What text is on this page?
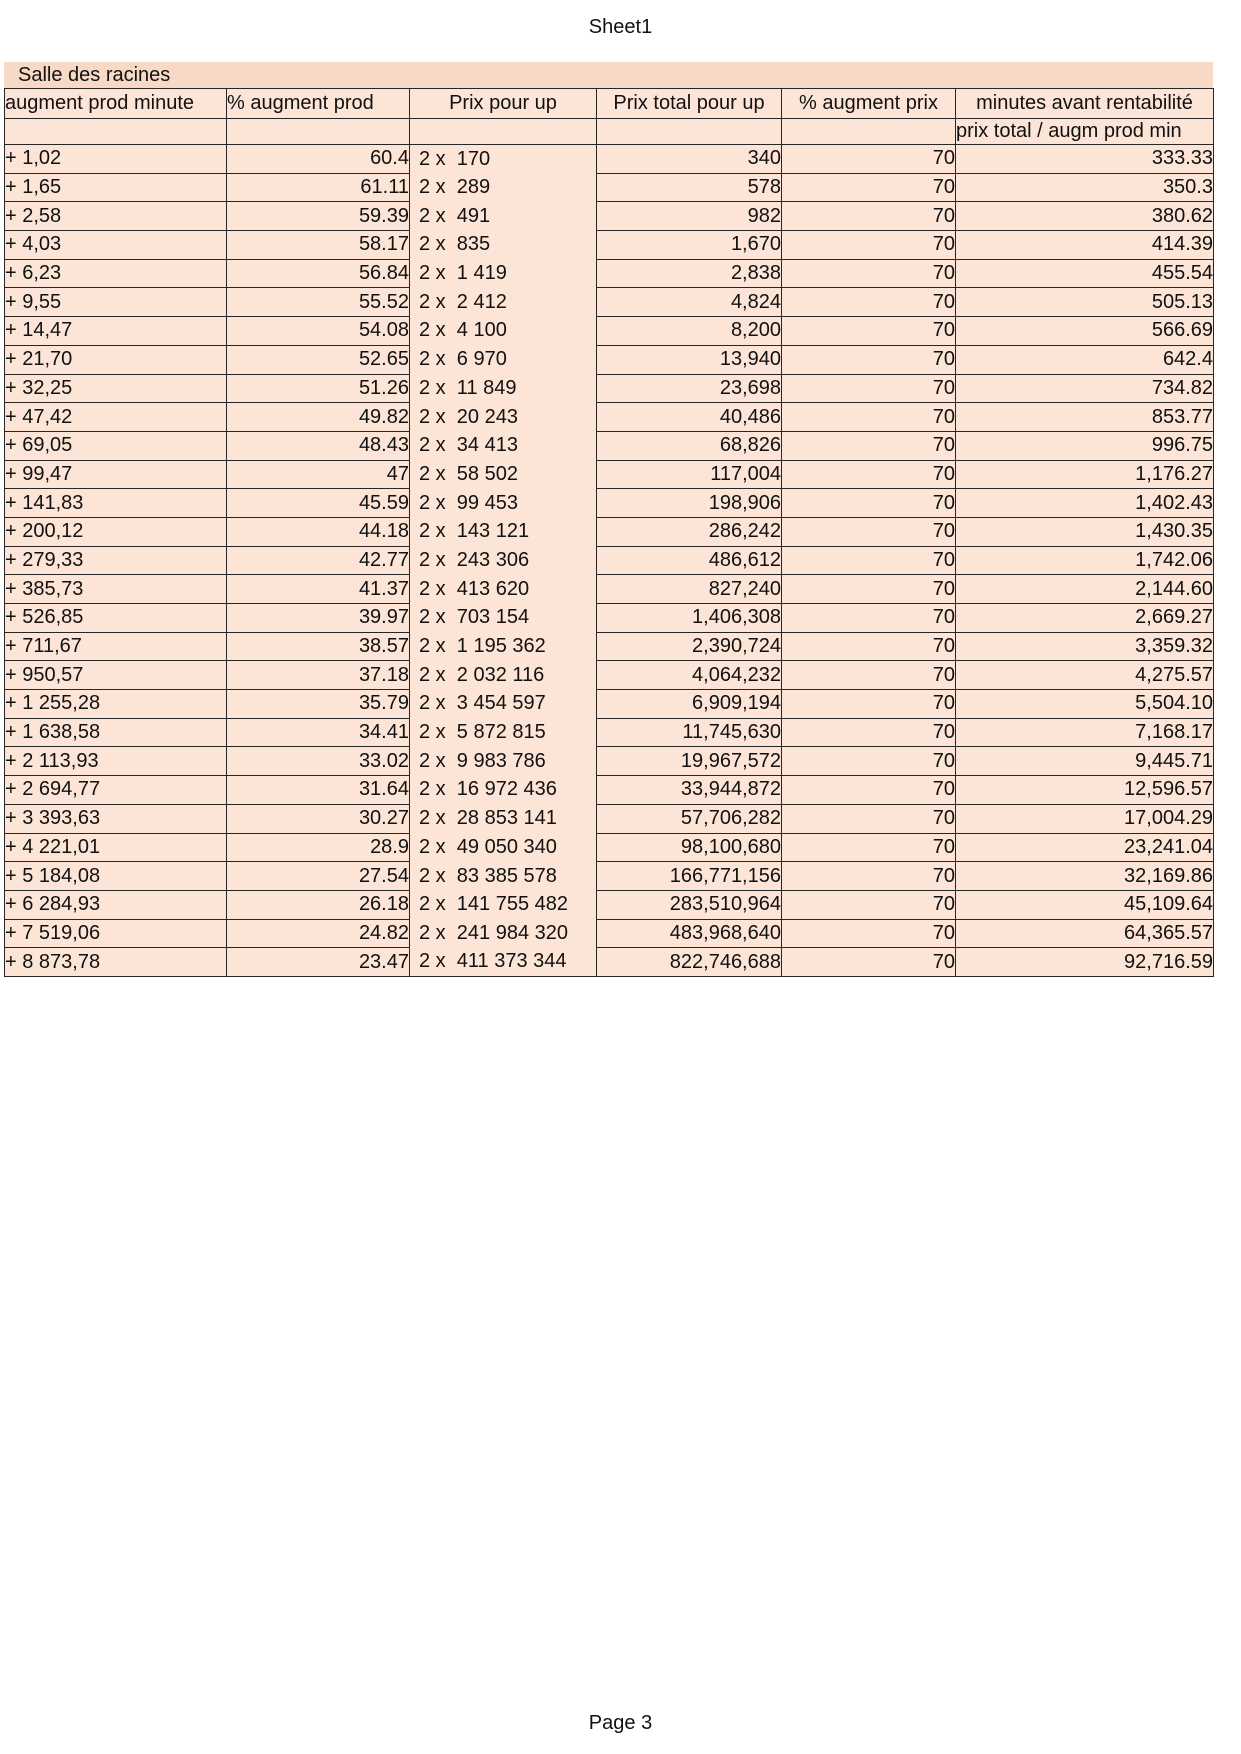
Sheet1
Salle des racines
augment prod minute	% augment prod	Prix pour up	Prix total pour up	% augment prix	minutes avant rentabilité
					prix total / augm prod min
+ 1,02	60.4	2 x  170	340	70	333.33
+ 1,65	61.11	2 x  289	578	70	350.3
+ 2,58	59.39	2 x  491	982	70	380.62
+ 4,03	58.17	2 x  835	1,670	70	414.39
+ 6,23	56.84	2 x  1 419	2,838	70	455.54
+ 9,55	55.52	2 x  2 412	4,824	70	505.13
+ 14,47	54.08	2 x  4 100	8,200	70	566.69
+ 21,70	52.65	2 x  6 970	13,940	70	642.4
+ 32,25	51.26	2 x  11 849	23,698	70	734.82
+ 47,42	49.82	2 x  20 243	40,486	70	853.77
+ 69,05	48.43	2 x  34 413	68,826	70	996.75
+ 99,47	47	2 x  58 502	117,004	70	1,176.27
+ 141,83	45.59	2 x  99 453	198,906	70	1,402.43
+ 200,12	44.18	2 x  143 121	286,242	70	1,430.35
+ 279,33	42.77	2 x  243 306	486,612	70	1,742.06
+ 385,73	41.37	2 x  413 620	827,240	70	2,144.60
+ 526,85	39.97	2 x  703 154	1,406,308	70	2,669.27
+ 711,67	38.57	2 x  1 195 362	2,390,724	70	3,359.32
+ 950,57	37.18	2 x  2 032 116	4,064,232	70	4,275.57
+ 1 255,28	35.79	2 x  3 454 597	6,909,194	70	5,504.10
+ 1 638,58	34.41	2 x  5 872 815	11,745,630	70	7,168.17
+ 2 113,93	33.02	2 x  9 983 786	19,967,572	70	9,445.71
+ 2 694,77	31.64	2 x  16 972 436	33,944,872	70	12,596.57
+ 3 393,63	30.27	2 x  28 853 141	57,706,282	70	17,004.29
+ 4 221,01	28.9	2 x  49 050 340	98,100,680	70	23,241.04
+ 5 184,08	27.54	2 x  83 385 578	166,771,156	70	32,169.86
+ 6 284,93	26.18	2 x  141 755 482	283,510,964	70	45,109.64
+ 7 519,06	24.82	2 x  241 984 320	483,968,640	70	64,365.57
+ 8 873,78	23.47	2 x  411 373 344	822,746,688	70	92,716.59
Page 3
